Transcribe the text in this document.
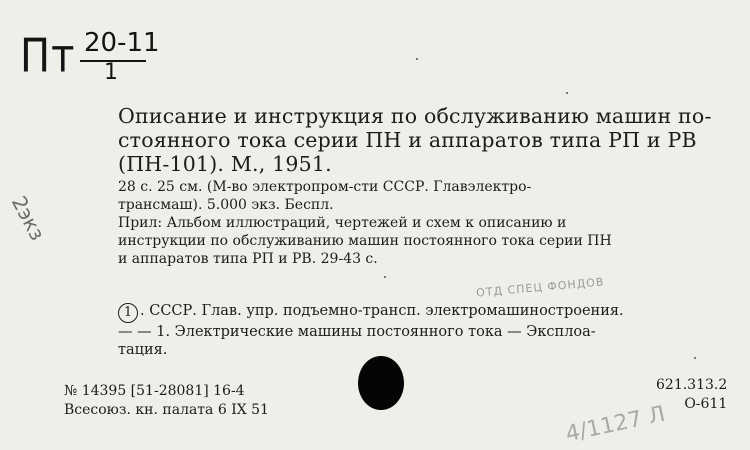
Пт 20-11
1
2экз
Описание и инструкция по обслуживанию машин по-
стоянного тока серии ПН и аппаратов типа РП и РВ
(ПН-101). М., 1951.
28 с. 25 см. (М-во электропром-сти СССР. Главэлектро-
трансмаш). 5.000 экз. Беспл.
Прил: Альбом иллюстраций, чертежей и схем к описанию и
инструкции по обслуживанию машин постоянного тока серии ПН
и аппаратов типа РП и РВ. 29-43 с.
ОТД СПЕЦ ФОНДОВ
1 . СССР. Глав. упр. подъемно-трансп. электромашиностроения.
— — 1. Электрические машины постоянного тока — Эксплоа-
тация.
№ 14395 [51-28081] 16-4
Всесоюз. кн. палата 6 IX 51
621.313.2
О-611
4/1127 Л
